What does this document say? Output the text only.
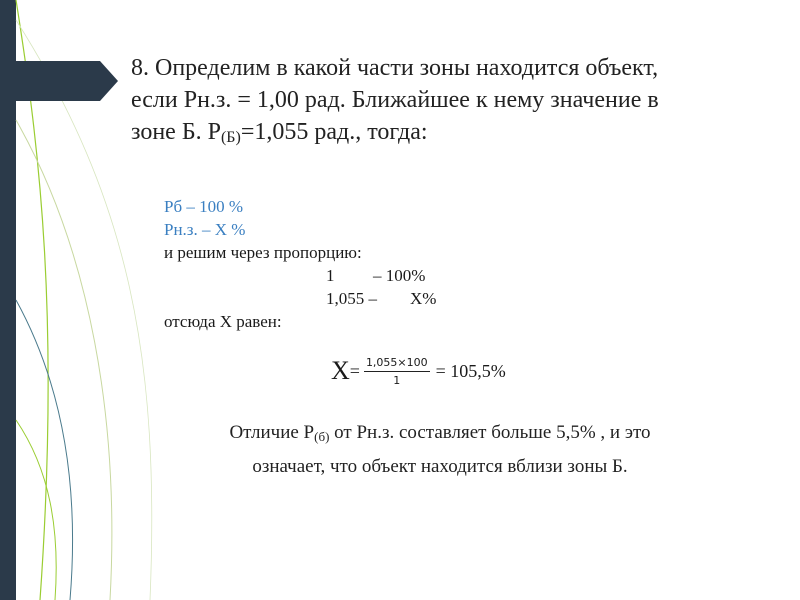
8. Определим в какой части зоны находится объект,
если Рн.з. = 1,00 рад. Ближайшее к нему значение в
зоне Б. $Р_{(Б)}=1,055$ рад., тогда:
Рб – 100 %
Рн.з. – Х %
и решим через пропорцию:
1 – 100%
1,055 – Х%
отсюда Х равен:
$Х = \frac{1,055\times 100}{1} = 105,5\%$
Отличие $Р_{(б)}$ от Рн.з. составляет больше 5,5% , и это
означает, что объект находится вблизи зоны Б.
